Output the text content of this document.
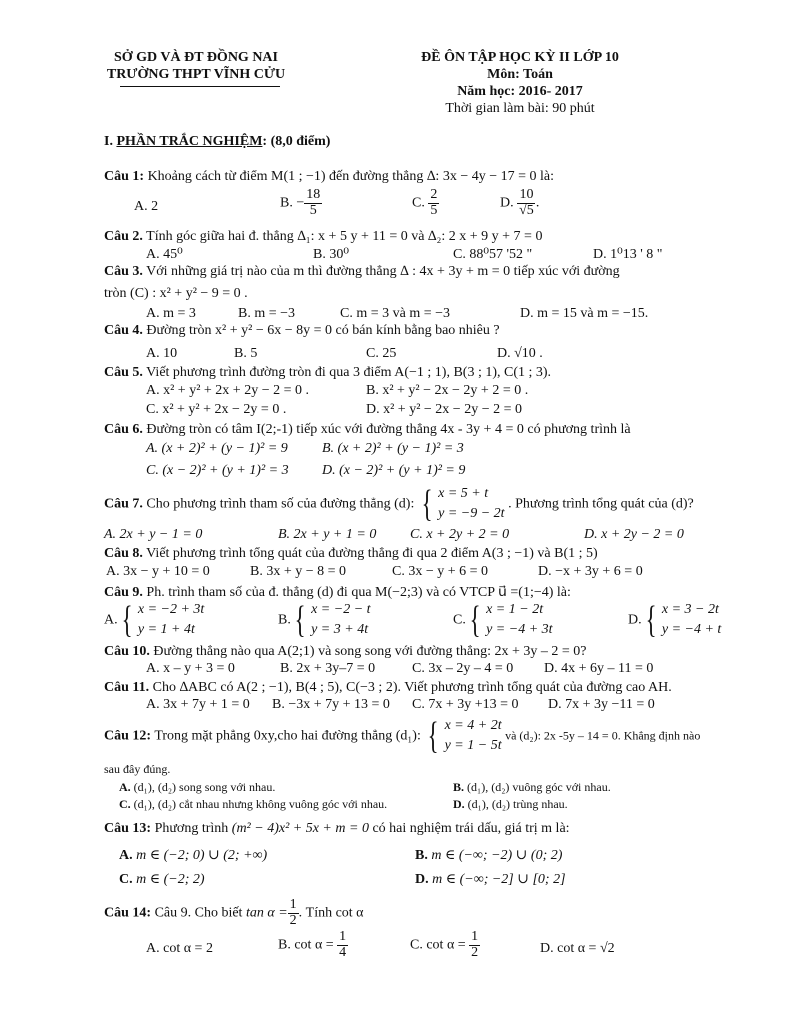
SỞ GD VÀ ĐT ĐỒNG NAI
TRƯỜNG THPT VĨNH CỬU
ĐỀ ÔN TẬP HỌC KỲ II LỚP 10
Môn: Toán
Năm học: 2016- 2017
Thời gian làm bài: 90 phút
I. PHẦN TRẮC NGHIỆM: (8,0 điểm)
Câu 1: Khoảng cách từ điểm M(1 ; −1) đến đường thẳng ∆: 3x − 4y − 17 = 0 là:
A. 2	B. − $\frac{18}{5}$	C. $\frac{2}{5}$	D. $\frac{10}{√5}$ .
Câu 2. Tính góc giữa hai đ. thẳng ∆₁: x + 5 y + 11 = 0 và ∆₂: 2 x + 9 y + 7 = 0
A. 45⁰	B. 30⁰	C. 88⁰57 '52 "	D. 1⁰13 ' 8 "
Câu 3. Với những giá trị nào của m thì đường thẳng ∆ : 4x + 3y + m = 0 tiếp xúc với đường
tròn (C) : x² + y² − 9 = 0 .
A. m = 3	B. m = −3	C. m = 3 và m = −3	D. m = 15 và m = −15.
Câu 4. Đường tròn x² + y² − 6x − 8y = 0 có bán kính bằng bao nhiêu ?
A. 10	B. 5	C. 25	D. √10 .
Câu 5. Viết phương trình đường tròn đi qua 3 điểm A(−1 ; 1), B(3 ; 1), C(1 ; 3).
A. x² + y² + 2x + 2y − 2 = 0 .	B. x² + y² − 2x − 2y + 2 = 0 .
C. x² + y² + 2x − 2y = 0 .	D. x² + y² − 2x − 2y − 2 = 0
Câu 6. Đường tròn có tâm I(2;-1) tiếp xúc với đường thẳng 4x - 3y + 4 = 0 có phương trình là
A. (x + 2)² + (y − 1)² = 9 B. (x + 2)² + (y − 1)² = 3
C. (x − 2)² + (y + 1)² = 3 D. (x − 2)² + (y + 1)² = 9
Câu 7. Cho phương trình tham số của đường thẳng (d): { x = 5 + t
y = −9 − 2t
. Phương trình tổng quát của (d)?
A. 2x + y − 1 = 0	B. 2x + y + 1 = 0 C. x + 2y + 2 = 0	D. x + 2y − 2 = 0
Câu 8. Viết phương trình tổng quát của đường thẳng đi qua 2 điểm A(3 ; −1) và B(1 ; 5)
A. 3x − y + 10 = 0	B. 3x + y − 8 = 0	C. 3x − y + 6 = 0	D. −x + 3y + 6 = 0
Câu 9. Ph. trình tham số của đ. thẳng (d) đi qua M(−2;3) và có VTCP u⃗ =(1;−4) là:
A.{ x = −2 + 3t
y = 1 + 4t
B.{ x = −2 − t
y = 3 + 4t
C.{ x = 1 − 2t
y = −4 + 3t
D.{ x = 3 − 2t
y = −4 + t
Câu 10. Đường thẳng nào qua A(2;1) và song song với đường thẳng: 2x + 3y – 2 = 0?
A. x – y + 3 = 0	B. 2x + 3y–7 = 0	C. 3x – 2y – 4 = 0 D. 4x + 6y – 11 = 0
Câu 11. Cho ∆ABC có A(2 ; −1), B(4 ; 5), C(−3 ; 2). Viết phương trình tổng quát của đường cao AH.
A. 3x + 7y + 1 = 0 B. −3x + 7y + 13 = 0 C. 7x + 3y +13 = 0 D. 7x + 3y −11 = 0
Câu 12: Trong mặt phẳng 0xy,cho hai đường thẳng (d₁): { x = 4 + 2t
y = 1 − 5t
và (d₂): 2x -5y – 14 = 0. Khẳng định nào
sau đây đúng.
A. (d₁), (d₂) song song với nhau.	B. (d₁), (d₂) vuông góc với nhau.
C. (d₁), (d₂) cắt nhau nhưng không vuông góc với nhau.	D. (d₁), (d₂) trùng nhau.
Câu 13: Phương trình (m² − 4)x² + 5x + m = 0 có hai nghiệm trái dấu, giá trị m là:
A. m ∈ (−2; 0) ∪ (2; +∞)	B. m ∈ (−∞; −2) ∪ (0; 2)
C. m ∈ (−2; 2)	D. m ∈ (−∞; −2] ∪ [0; 2]
Câu 14: Câu 9. Cho biết $\tan \alpha = \frac{1}{2}$ . Tính cot α
A. cot α = 2	B. $\cot \alpha = \frac{1}{4}$	C. $\cot \alpha = \frac{1}{2}$	D. cot α = √2
